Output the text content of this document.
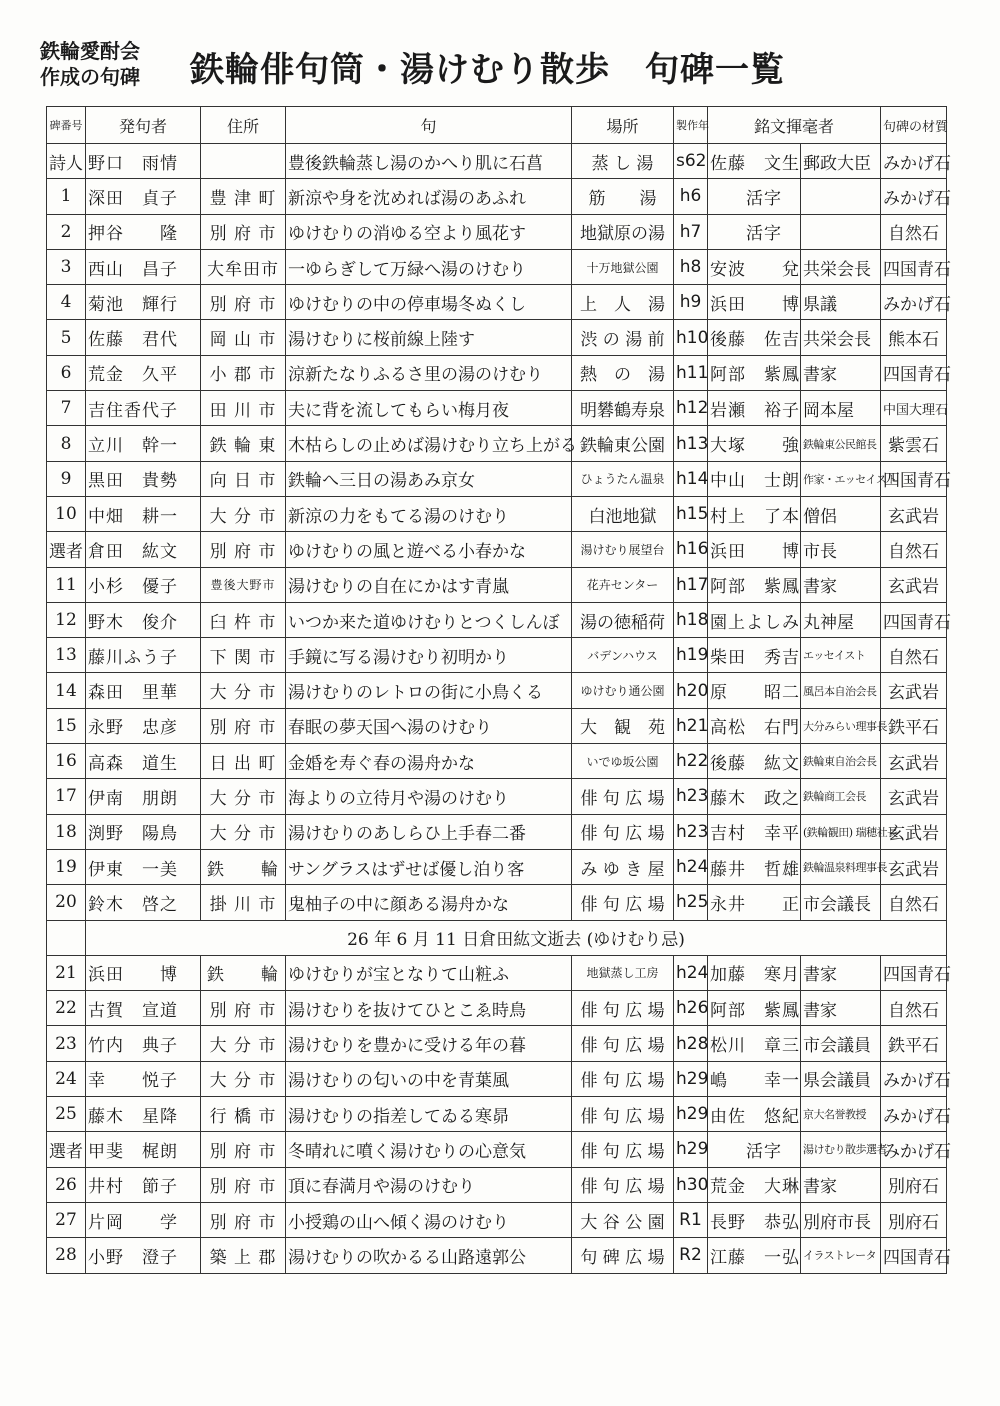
鉄輪愛酎会
作成の句碑 鉄輪俳句筒・湯けむり散歩　句碑一覧
碑番号	発句者	住所	句	場所	製作年	銘文揮毫者		句碑の材質
詩人	野口　雨情		豊後鉄輪蒸し湯のかへり肌に石菖	蒸 し 湯	s62	佐藤　文生	郵政大臣	みかげ石
1	深田　貞子	豊 津 町	新涼や身を沈めれば湯のあふれ	筋　　湯	h6	　　活字		みかげ石
2	押谷　　隆	別 府 市	ゆけむりの消ゆる空より風花す	地獄原の湯	h7	　　活字		自然石
3	西山　昌子	大牟田市	一ゆらぎして万緑へ湯のけむり	十万地獄公園	h8	安波　　兌	共栄会長	四国青石
4	菊池　輝行	別 府 市	ゆけむりの中の停車場冬ぬくし	上　人　湯	h9	浜田　　博	県議	みかげ石
5	佐藤　君代	岡 山 市	湯けむりに桜前線上陸す	渋 の 湯 前	h10	後藤　佐吉	共栄会長	熊本石
6	荒金　久平	小 郡 市	涼新たなりふるさ里の湯のけむり	熱　の　湯	h11	阿部　紫鳳	書家	四国青石
7	吉住香代子	田 川 市	夫に背を流してもらい梅月夜	明礬鶴寿泉	h12	岩瀬　裕子	岡本屋	中国大理石
8	立川　幹一	鉄 輪 東	木枯らしの止めば湯けむり立ち上がる	鉄輪東公園	h13	大塚　　強	鉄輪東公民館長	紫雲石
9	黒田　貴勢	向 日 市	鉄輪へ三日の湯あみ京女	ひょうたん温泉	h14	中山　士朗	作家・エッセイスト	四国青石
10	中畑　耕一	大 分 市	新涼の力をもてる湯のけむり	白池地獄	h15	村上　了本	僧侶	玄武岩
選者	倉田　紘文	別 府 市	ゆけむりの風と遊べる小春かな	湯けむり展望台	h16	浜田　　博	市長	自然石
11	小杉　優子	豊後大野市	湯けむりの自在にかはす青嵐	花卉センター	h17	阿部　紫鳳	書家	玄武岩
12	野木　俊介	臼 杵 市	いつか来た道ゆけむりとつくしんぼ	湯の徳稲荷	h18	園上よしみ	丸神屋	四国青石
13	藤川ふう子	下 関 市	手鏡に写る湯けむり初明かり	バデンハウス	h19	柴田　秀吉	エッセイスト	自然石
14	森田　里華	大 分 市	湯けむりのレトロの街に小鳥くる	ゆけむり通公園	h20	原　　昭二	風呂本自治会長	玄武岩
15	永野　忠彦	別 府 市	春眠の夢天国へ湯のけむり	大　観　苑	h21	高松　右門	大分みらい理事長	鉄平石
16	高森　道生	日 出 町	金婚を寿ぐ春の湯舟かな	いでゆ坂公園	h22	後藤　紘文	鉄輪東自治会長	玄武岩
17	伊南　朋朗	大 分 市	海よりの立待月や湯のけむり	俳 句 広 場	h23	藤木　政之	鉄輪商工会長	玄武岩
18	渕野　陽鳥	大 分 市	湯けむりのあしらひ上手春二番	俳 句 広 場	h23	吉村　幸平	(鉄輪観田) 瑞穂社長	玄武岩
19	伊東　一美	鉄　　輪	サングラスはずせば優し泊り客	み ゆ き 屋	h24	藤井　哲雄	鉄輪温泉料理事長	玄武岩
20	鈴木　啓之	掛 川 市	鬼柚子の中に顔ある湯舟かな	俳 句 広 場	h25	永井　　正	市会議長	自然石
	26 年 6 月 11 日倉田紘文逝去 (ゆけむり忌)							
21	浜田　　博	鉄　　輪	ゆけむりが宝となりて山粧ふ	地獄蒸し工房	h24	加藤　寒月	書家	四国青石
22	古賀　宣道	別 府 市	湯けむりを抜けてひとこゑ時鳥	俳 句 広 場	h26	阿部　紫鳳	書家	自然石
23	竹内　典子	大 分 市	湯けむりを豊かに受ける年の暮	俳 句 広 場	h28	松川　章三	市会議員	鉄平石
24	幸　　悦子	大 分 市	湯けむりの匂いの中を青葉風	俳 句 広 場	h29	嶋　　幸一	県会議員	みかげ石
25	藤木　星降	行 橋 市	湯けむりの指差してゐる寒昴	俳 句 広 場	h29	由佐　悠紀	京大名誉教授	みかげ石
選者	甲斐　梶朗	別 府 市	冬晴れに噴く湯けむりの心意気	俳 句 広 場	h29	　　活字	湯けむり散歩選者	みかげ石
26	井村　節子	別 府 市	頂に春満月や湯のけむり	俳 句 広 場	h30	荒金　大琳	書家	別府石
27	片岡　　学	別 府 市	小授鶏の山へ傾く湯のけむり	大 谷 公 園	R1	長野　恭弘	別府市長	別府石
28	小野　澄子	築 上 郡	湯けむりの吹かるる山路遠郭公	句 碑 広 場	R2	江藤　一弘	イラストレータ	四国青石
